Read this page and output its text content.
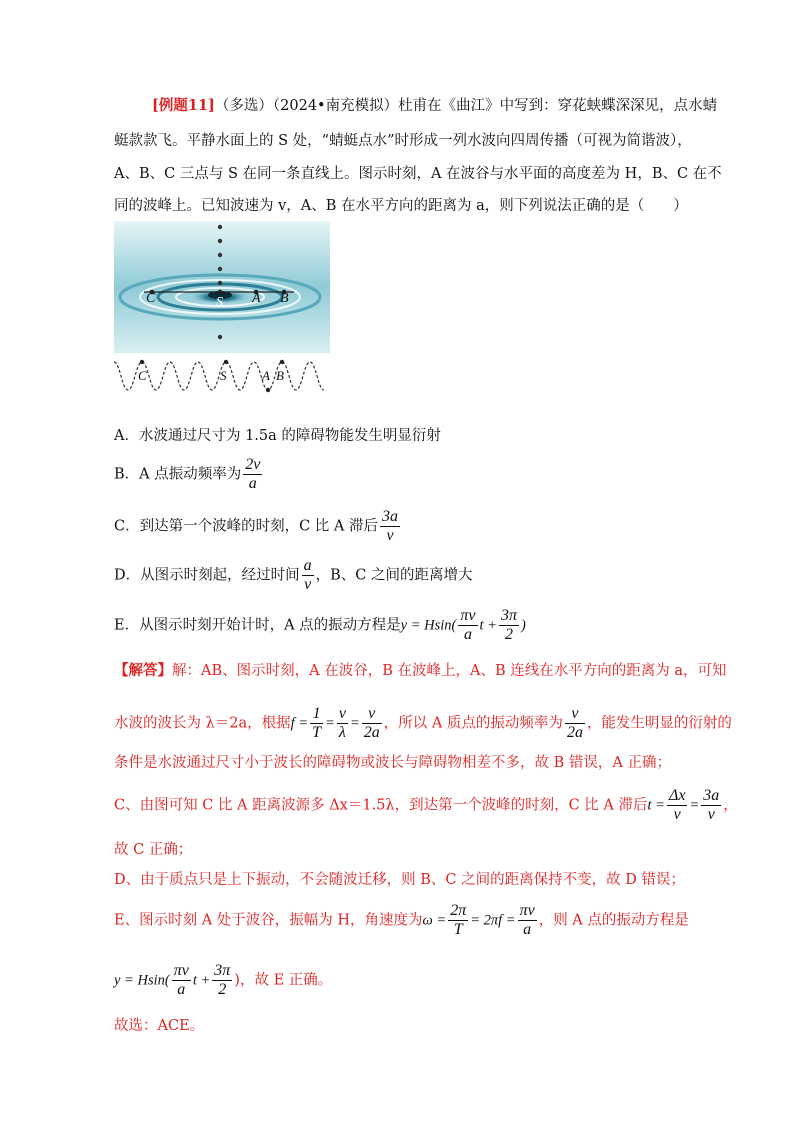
[例题11]（多选）（2024•南充模拟）杜甫在《曲江》中写到：穿花蛱蝶深深见，点水蜻
蜓款款飞。平静水面上的 S 处，“蜻蜓点水”时形成一列水波向四周传播（可视为简谐波），
A、B、C 三点与 S 在同一条直线上。图示时刻，A 在波谷与水平面的高度差为 H，B、C 在不
同的波峰上。已知波速为 v，A、B 在水平方向的距离为 a，则下列说法正确的是（　　）
C	S A B
C	S	A B
A．水波通过尺寸为 1.5a 的障碍物能发生明显衍射
B．A 点振动频率为 $\frac{2v}{a}$
C．到达第一个波峰的时刻，C 比 A 滞后 $\frac{3a}{v}$
D．从图示时刻起，经过时间 $\frac{a}{v}$ ，B、C 之间的距离增大
E．从图示时刻开始计时，A 点的振动方程是$y = Hsin( \frac{\pi v}{a}$ $t + \frac{3\pi}{2}$ )
【解答】解：AB、图示时刻，A 在波谷，B 在波峰上，A、B 连线在水平方向的距离为 a，可知
水波的波长为 λ＝2a，根据$f = \frac{1}{T} = \frac{v}{\lambda} = \frac{v}{2a}$ ，所以 A 质点的振动频率为 $\frac{v}{2a}$ ，能发生明显的衍射的
条件是水波通过尺寸小于波长的障碍物或波长与障碍物相差不多，故 B 错误，A 正确；
C、由图可知 C 比 A 距离波源多 Δx＝1.5λ，到达第一个波峰的时刻，C 比 A 滞后$t = \frac{\Delta x}{v} = \frac{3a}{v}$ ，
故 C 正确；
D、由于质点只是上下振动，不会随波迁移，则 B、C 之间的距离保持不变，故 D 错误；
E、图示时刻 A 处于波谷，振幅为 H，角速度为$\omega = \frac{2\pi}{T} = 2\pi f = \frac{\pi v}{a}$ ，则 A 点的振动方程是
$y = Hsin( \frac{\pi v}{a}$ $t + \frac{3\pi}{2}$ )，故 E 正确。
故选：ACE。
